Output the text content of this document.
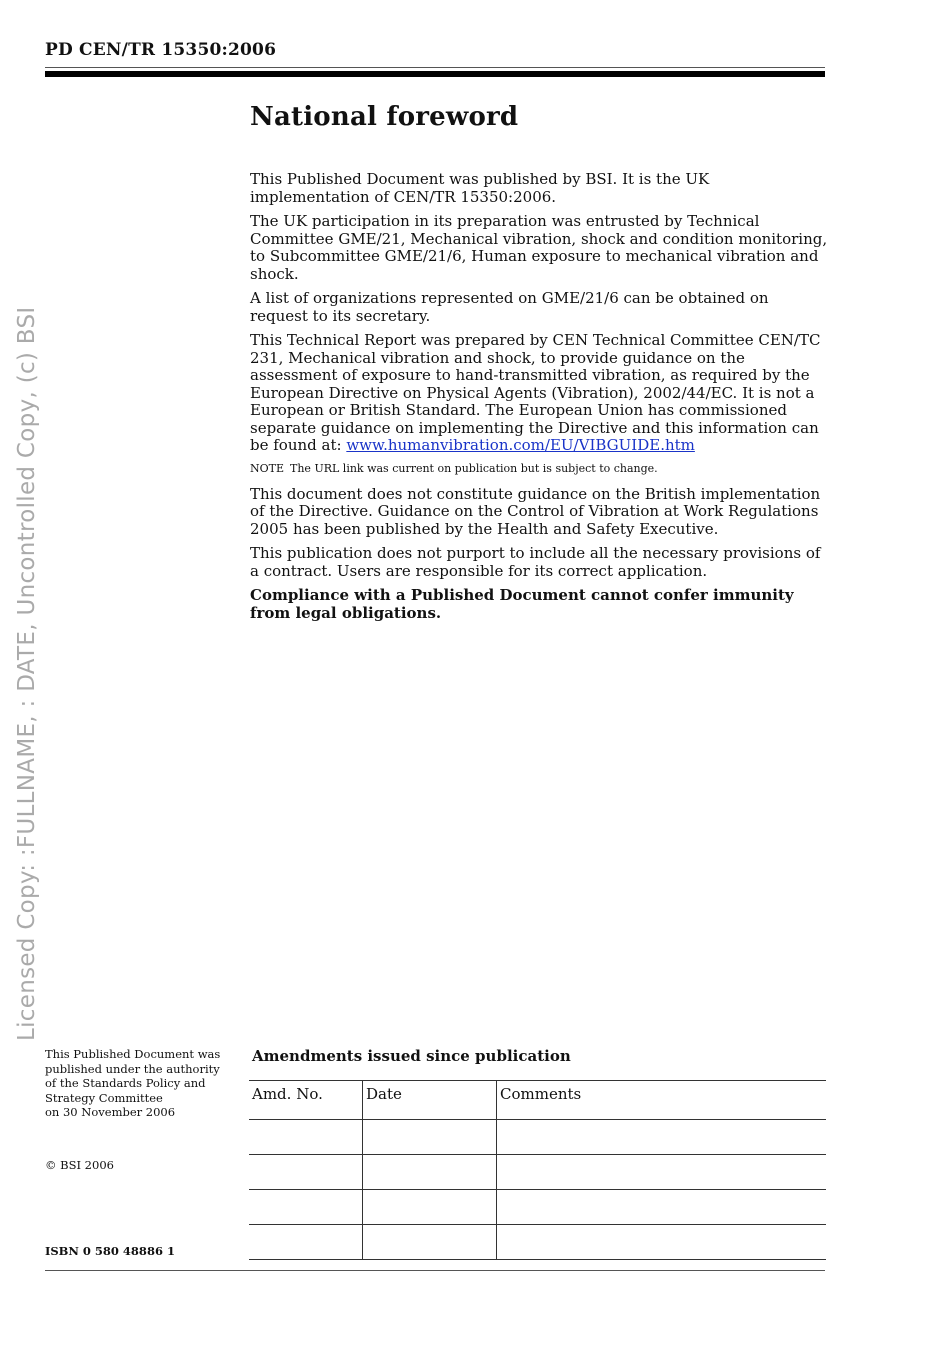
PD CEN/TR 15350:2006
Licensed Copy: :FULLNAME, : DATE, Uncontrolled Copy, (c) BSI
National foreword

This Published Document was published by BSI. It is the UK implementation of CEN/TR 15350:2006.

The UK participation in its preparation was entrusted by Technical Committee GME/21, Mechanical vibration, shock and condition monitoring, to Subcommittee GME/21/6, Human exposure to mechanical vibration and shock.

A list of organizations represented on GME/21/6 can be obtained on request to its secretary.

This Technical Report was prepared by CEN Technical Committee CEN/TC 231, Mechanical vibration and shock, to provide guidance on the assessment of exposure to hand-transmitted vibration, as required by the European Directive on Physical Agents (Vibration), 2002/44/EC. It is not a European or British Standard. The European Union has commissioned separate guidance on implementing the Directive and this information can be found at: www.humanvibration.com/EU/VIBGUIDE.htm

NOTE The URL link was current on publication but is subject to change.

This document does not constitute guidance on the British implementation of the Directive. Guidance on the Control of Vibration at Work Regulations 2005 has been published by the Health and Safety Executive.

This publication does not purport to include all the necessary provisions of a contract. Users are responsible for its correct application.

Compliance with a Published Document cannot confer immunity from legal obligations.

This Published Document was
published under the authority
of the Standards Policy and
Strategy Committee
on 30 November 2006
© BSI 2006
ISBN 0 580 48886 1
Amendments issued since publication
Amd. No.	Date	Comments
